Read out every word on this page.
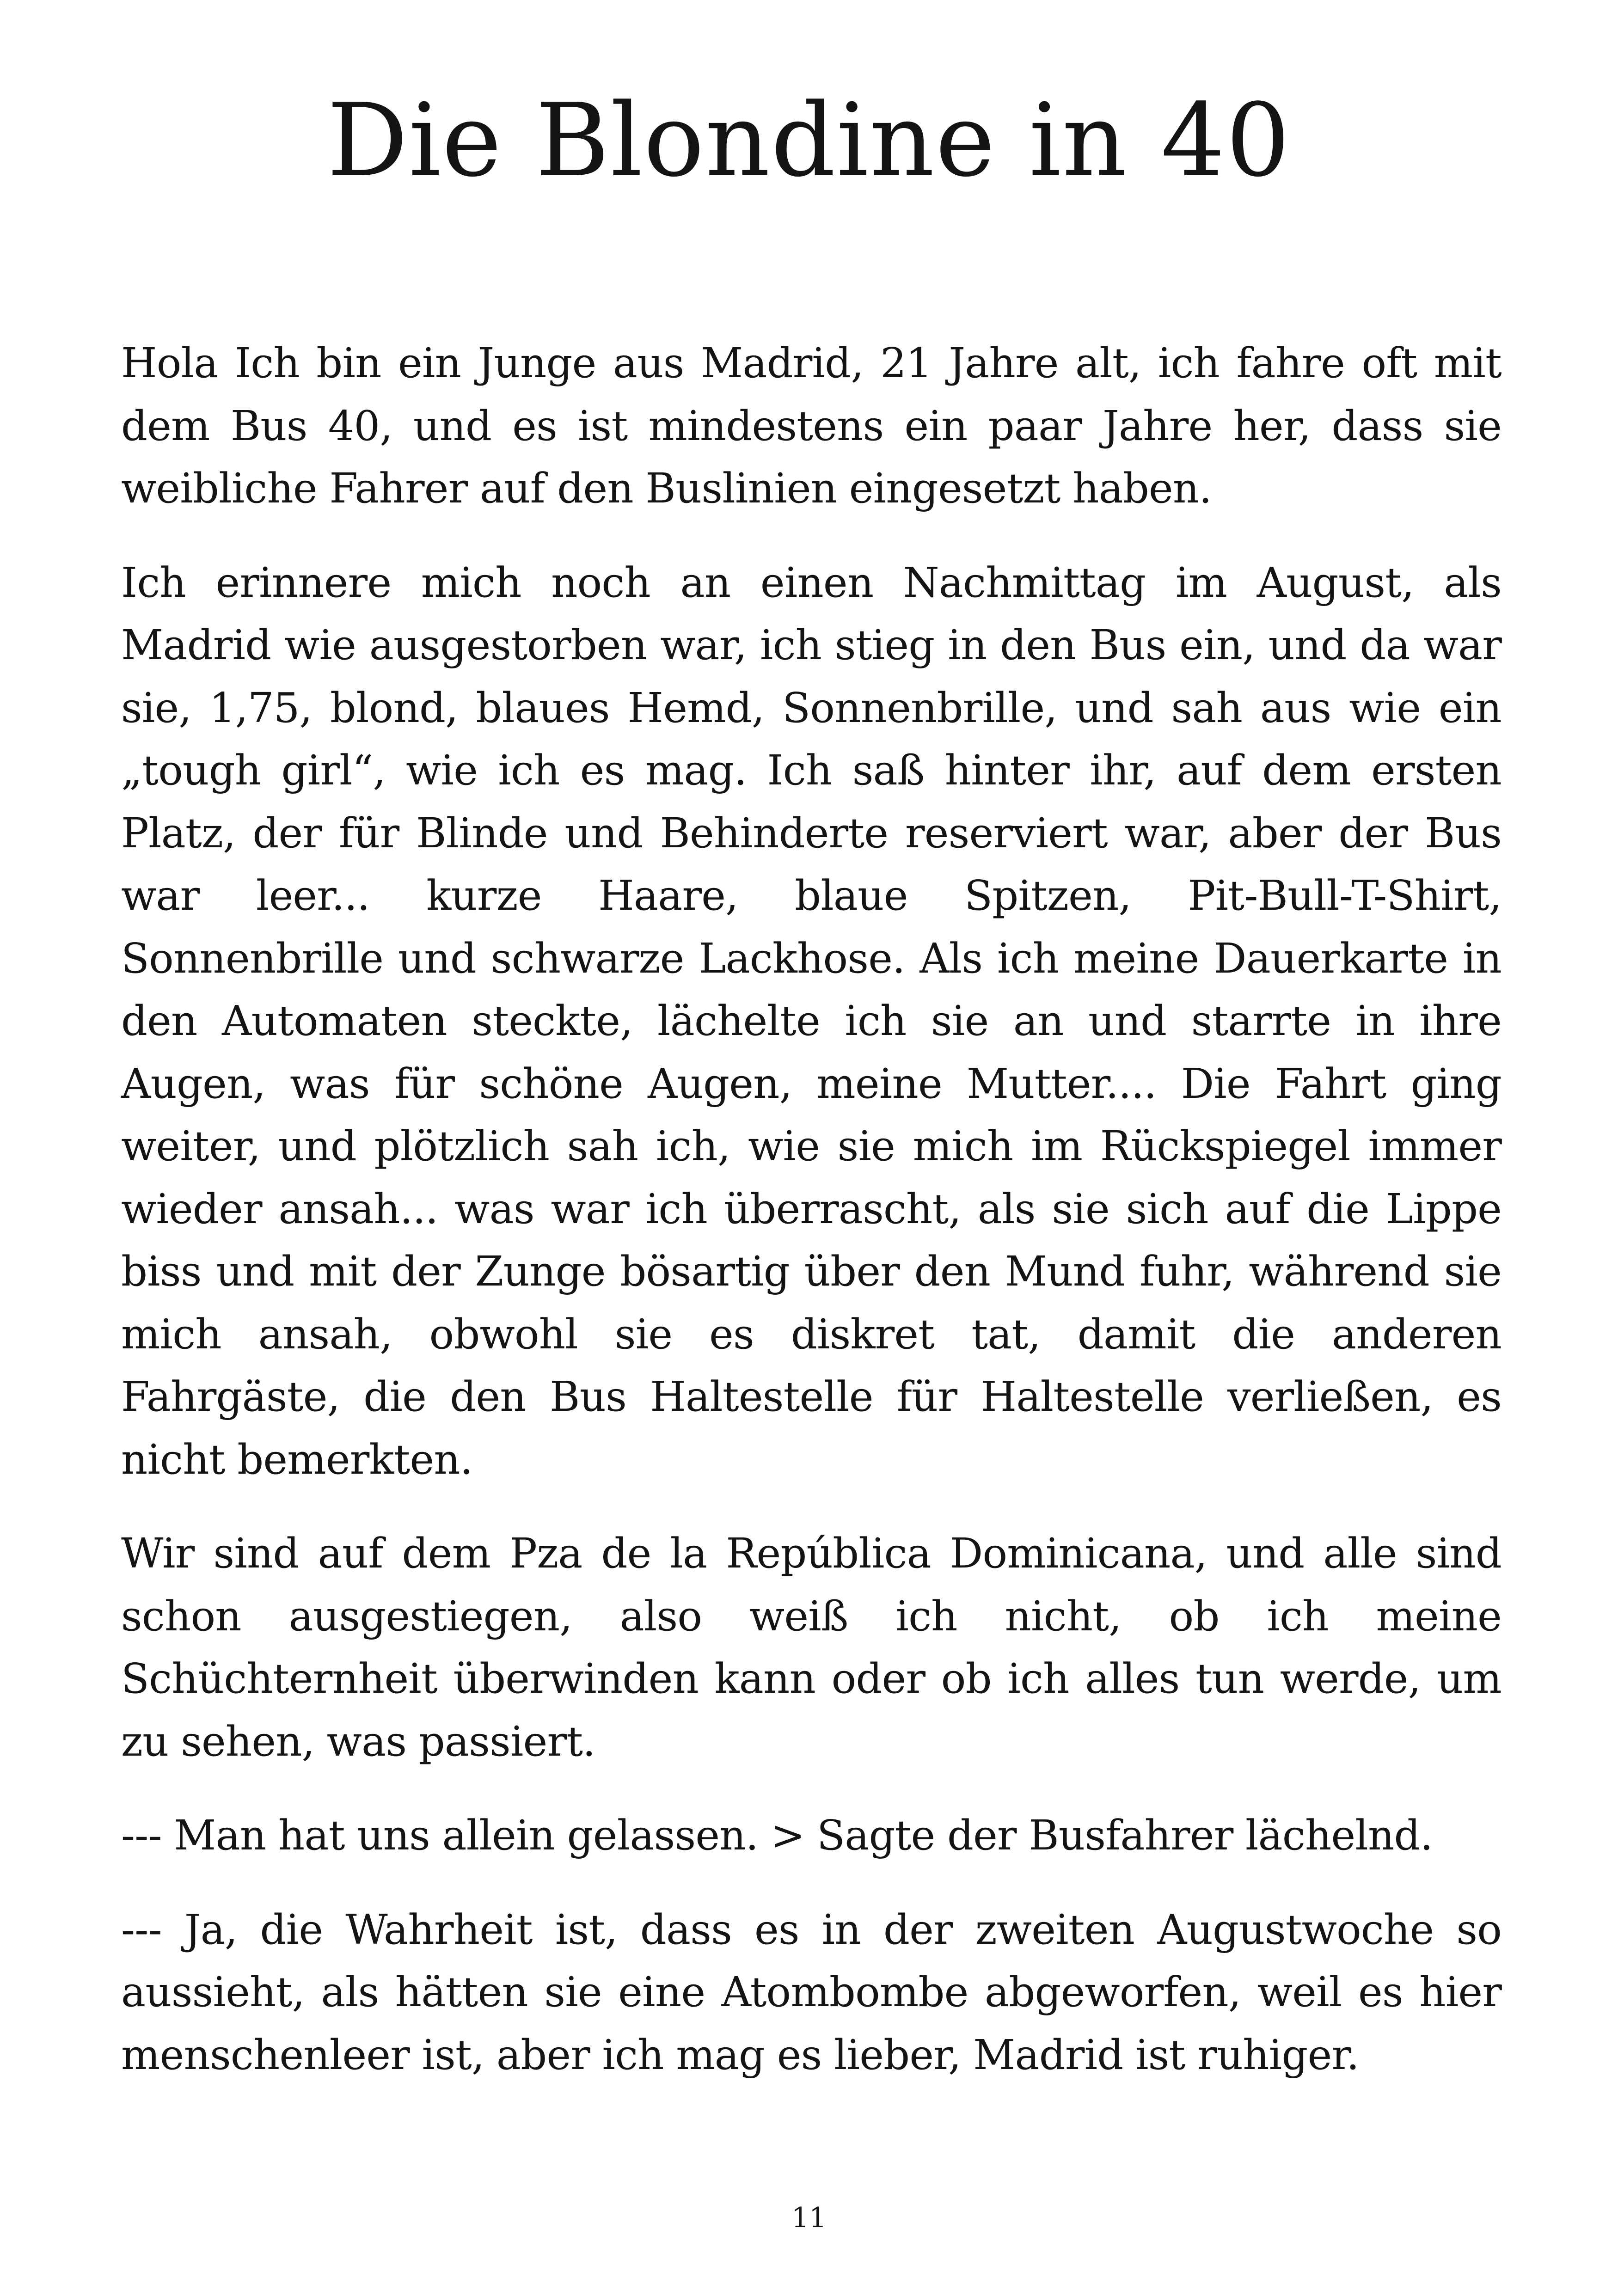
Die Blondine in 40

Hola Ich bin ein Junge aus Madrid, 21 Jahre alt, ich fahre oft mit dem Bus 40, und es ist mindestens ein paar Jahre her, dass sie weibliche Fahrer auf den Buslinien eingesetzt haben.

Ich erinnere mich noch an einen Nachmittag im August, als Madrid wie ausgestorben war, ich stieg in den Bus ein, und da war sie, 1,75, blond, blaues Hemd, Sonnenbrille, und sah aus wie ein „tough girl“, wie ich es mag. Ich saß hinter ihr, auf dem ersten Platz, der für Blinde und Behinderte reserviert war, aber der Bus war leer... kurze Haare, blaue Spitzen, Pit-Bull-T-Shirt, Sonnenbrille und schwarze Lackhose. Als ich meine Dauerkarte in den Automaten steckte, lächelte ich sie an und starrte in ihre Augen, was für schöne Augen, meine Mutter.... Die Fahrt ging weiter, und plötzlich sah ich, wie sie mich im Rückspiegel immer wieder ansah... was war ich überrascht, als sie sich auf die Lippe biss und mit der Zunge bösartig über den Mund fuhr, während sie mich ansah, obwohl sie es diskret tat, damit die anderen Fahrgäste, die den Bus Haltestelle für Haltestelle verließen, es nicht bemerkten.

Wir sind auf dem Pza de la República Dominicana, und alle sind schon ausgestiegen, also weiß ich nicht, ob ich meine Schüchternheit überwinden kann oder ob ich alles tun werde, um zu sehen, was passiert.

--- Man hat uns allein gelassen. > Sagte der Busfahrer lächelnd.

--- Ja, die Wahrheit ist, dass es in der zweiten Augustwoche so aussieht, als hätten sie eine Atombombe abgeworfen, weil es hier menschenleer ist, aber ich mag es lieber, Madrid ist ruhiger.

11
